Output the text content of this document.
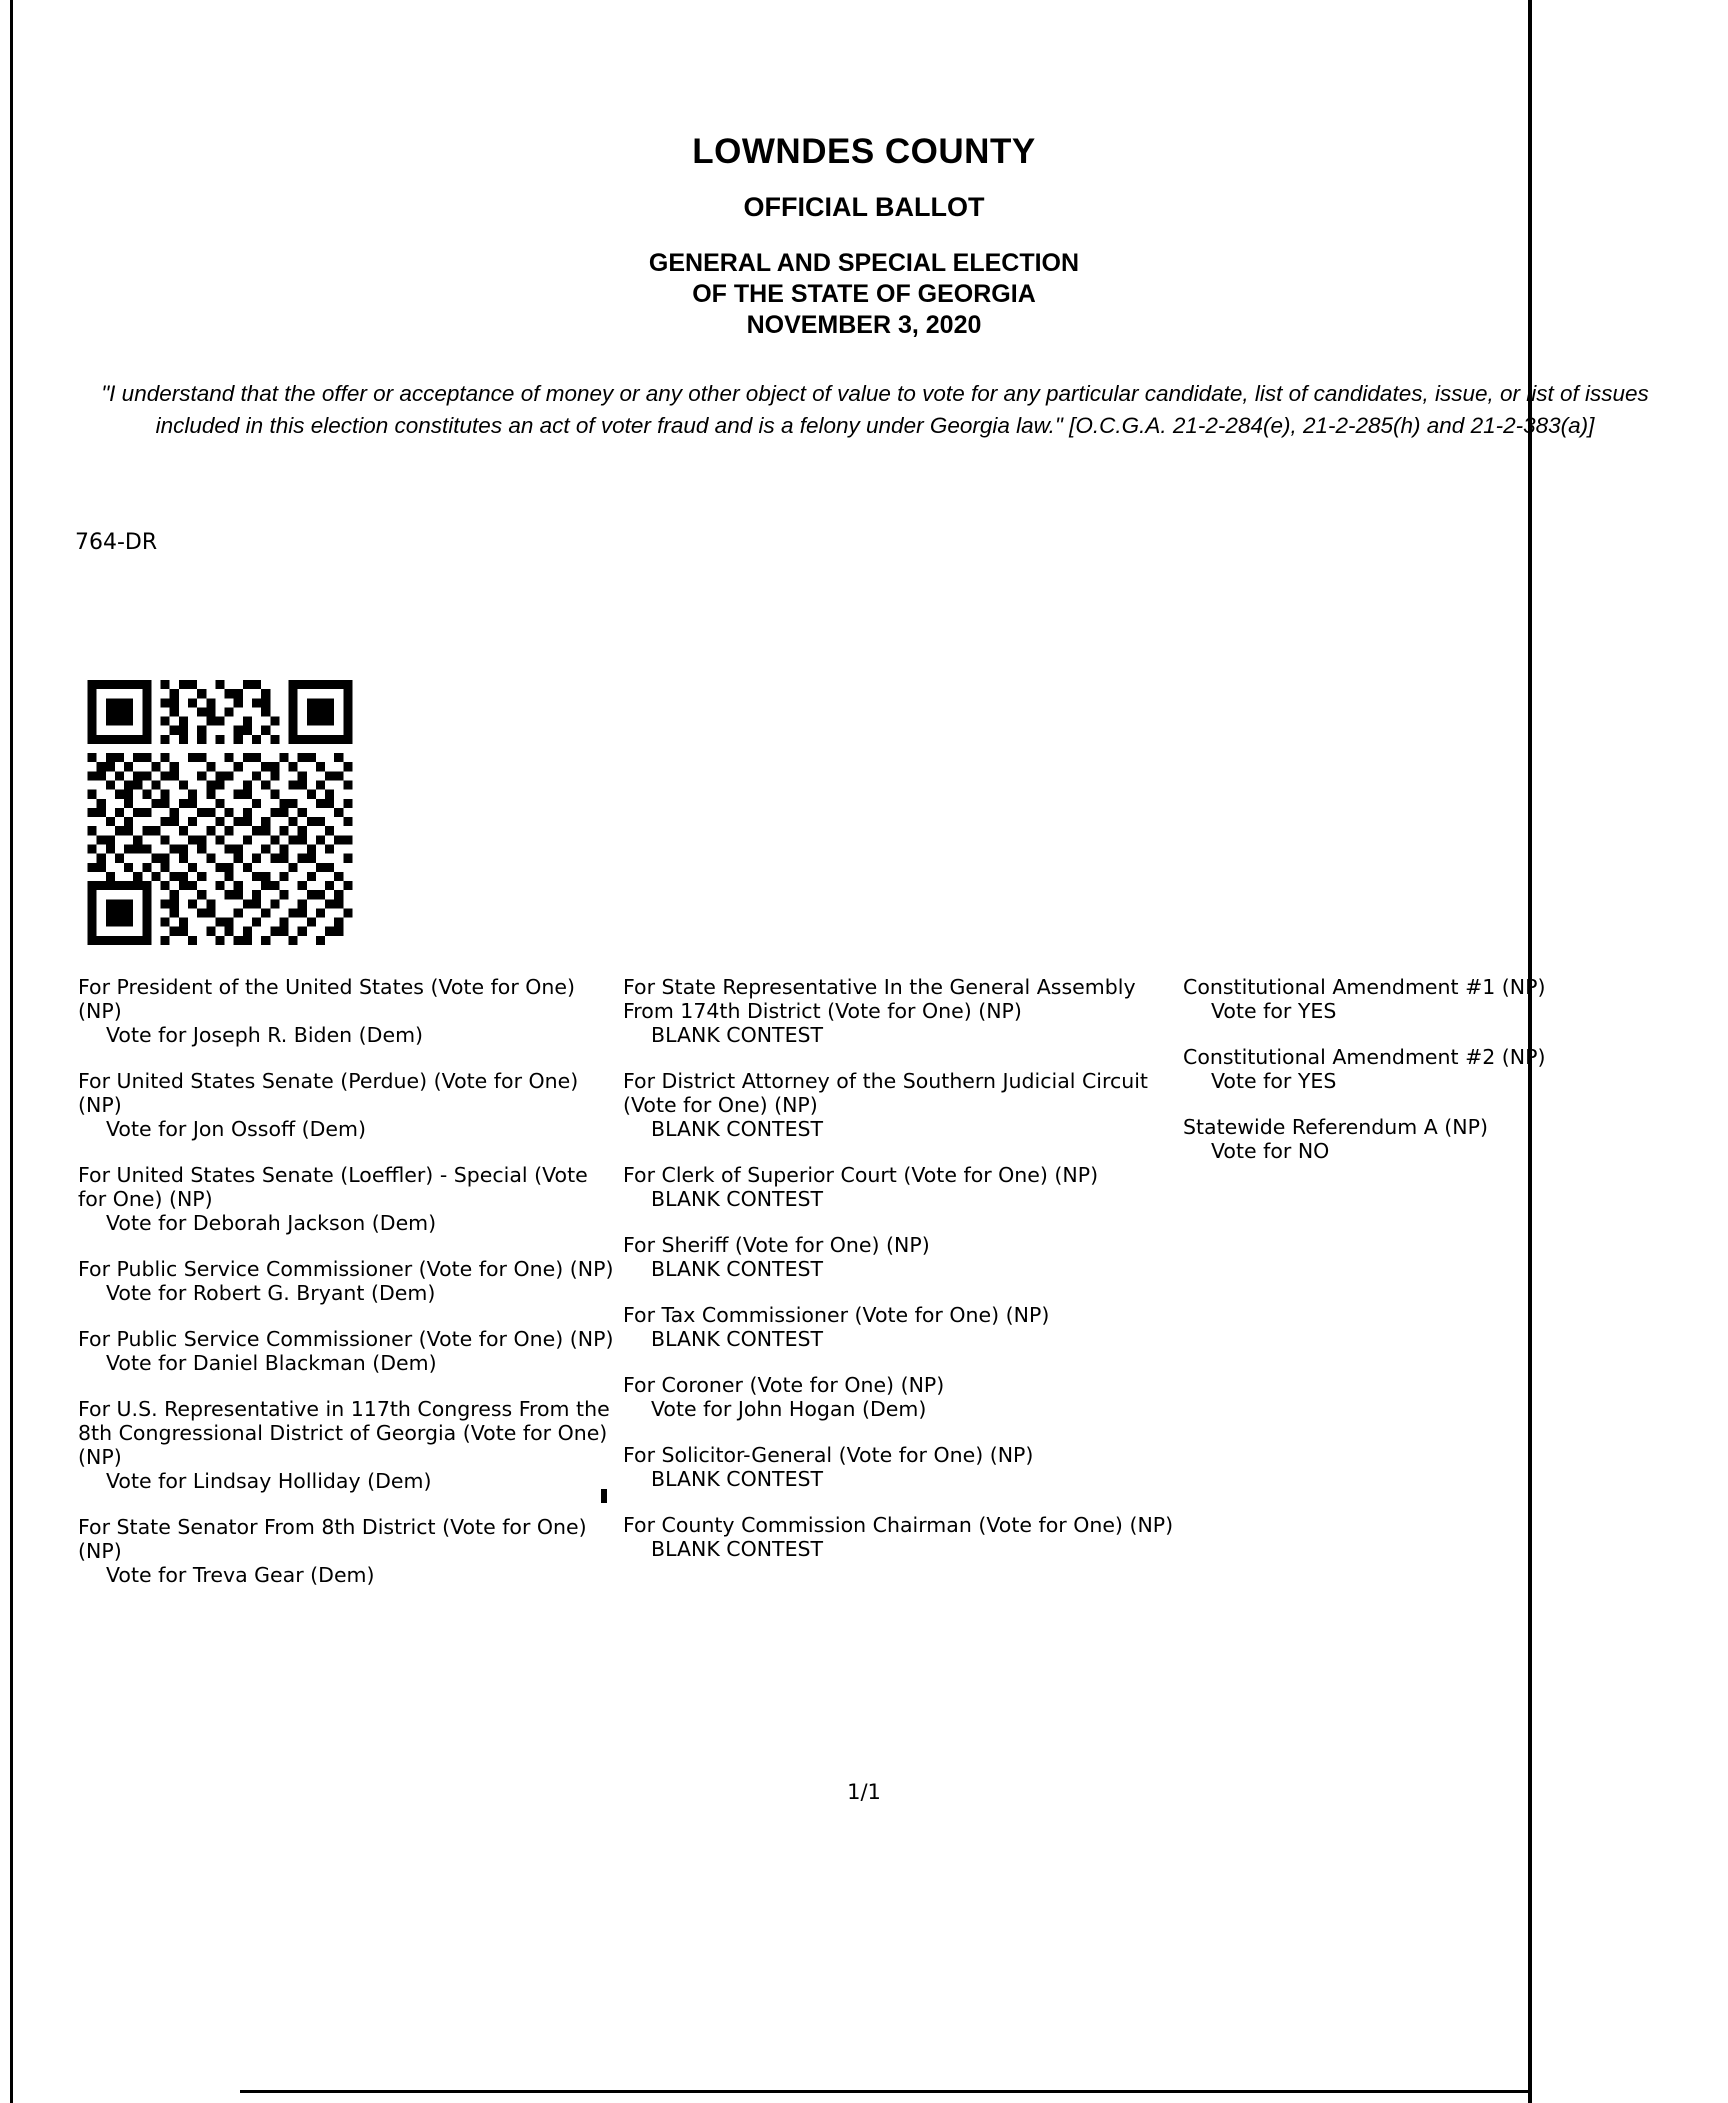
LOWNDES COUNTY
OFFICIAL BALLOT
GENERAL AND SPECIAL ELECTION
OF THE STATE OF GEORGIA
NOVEMBER 3, 2020
"I understand that the offer or acceptance of money or any other object of value to vote for any particular candidate, list of candidates, issue, or list of issues included in this election constitutes an act of voter fraud and is a felony under Georgia law." [O.C.G.A. 21-2-284(e), 21-2-285(h) and 21-2-383(a)]
764-DR
For President of the United States (Vote for One) (NP)
Vote for Joseph R. Biden (Dem)
For United States Senate (Perdue) (Vote for One) (NP)
Vote for Jon Ossoff (Dem)
For United States Senate (Loeffler) - Special (Vote for One) (NP)
Vote for Deborah Jackson (Dem)
For Public Service Commissioner (Vote for One) (NP)
Vote for Robert G. Bryant (Dem)
For Public Service Commissioner (Vote for One) (NP)
Vote for Daniel Blackman (Dem)
For U.S. Representative in 117th Congress From the 8th Congressional District of Georgia (Vote for One) (NP)
Vote for Lindsay Holliday (Dem)
For State Senator From 8th District (Vote for One) (NP)
Vote for Treva Gear (Dem)
For State Representative In the General Assembly From 174th District (Vote for One) (NP)
BLANK CONTEST
For District Attorney of the Southern Judicial Circuit (Vote for One) (NP)
BLANK CONTEST
For Clerk of Superior Court (Vote for One) (NP)
BLANK CONTEST
For Sheriff (Vote for One) (NP)
BLANK CONTEST
For Tax Commissioner (Vote for One) (NP)
BLANK CONTEST
For Coroner (Vote for One) (NP)
Vote for John Hogan (Dem)
For Solicitor-General (Vote for One) (NP)
BLANK CONTEST
For County Commission Chairman (Vote for One) (NP)
BLANK CONTEST
Constitutional Amendment #1 (NP)
Vote for YES
Constitutional Amendment #2 (NP)
Vote for YES
Statewide Referendum A (NP)
Vote for NO
1/1
